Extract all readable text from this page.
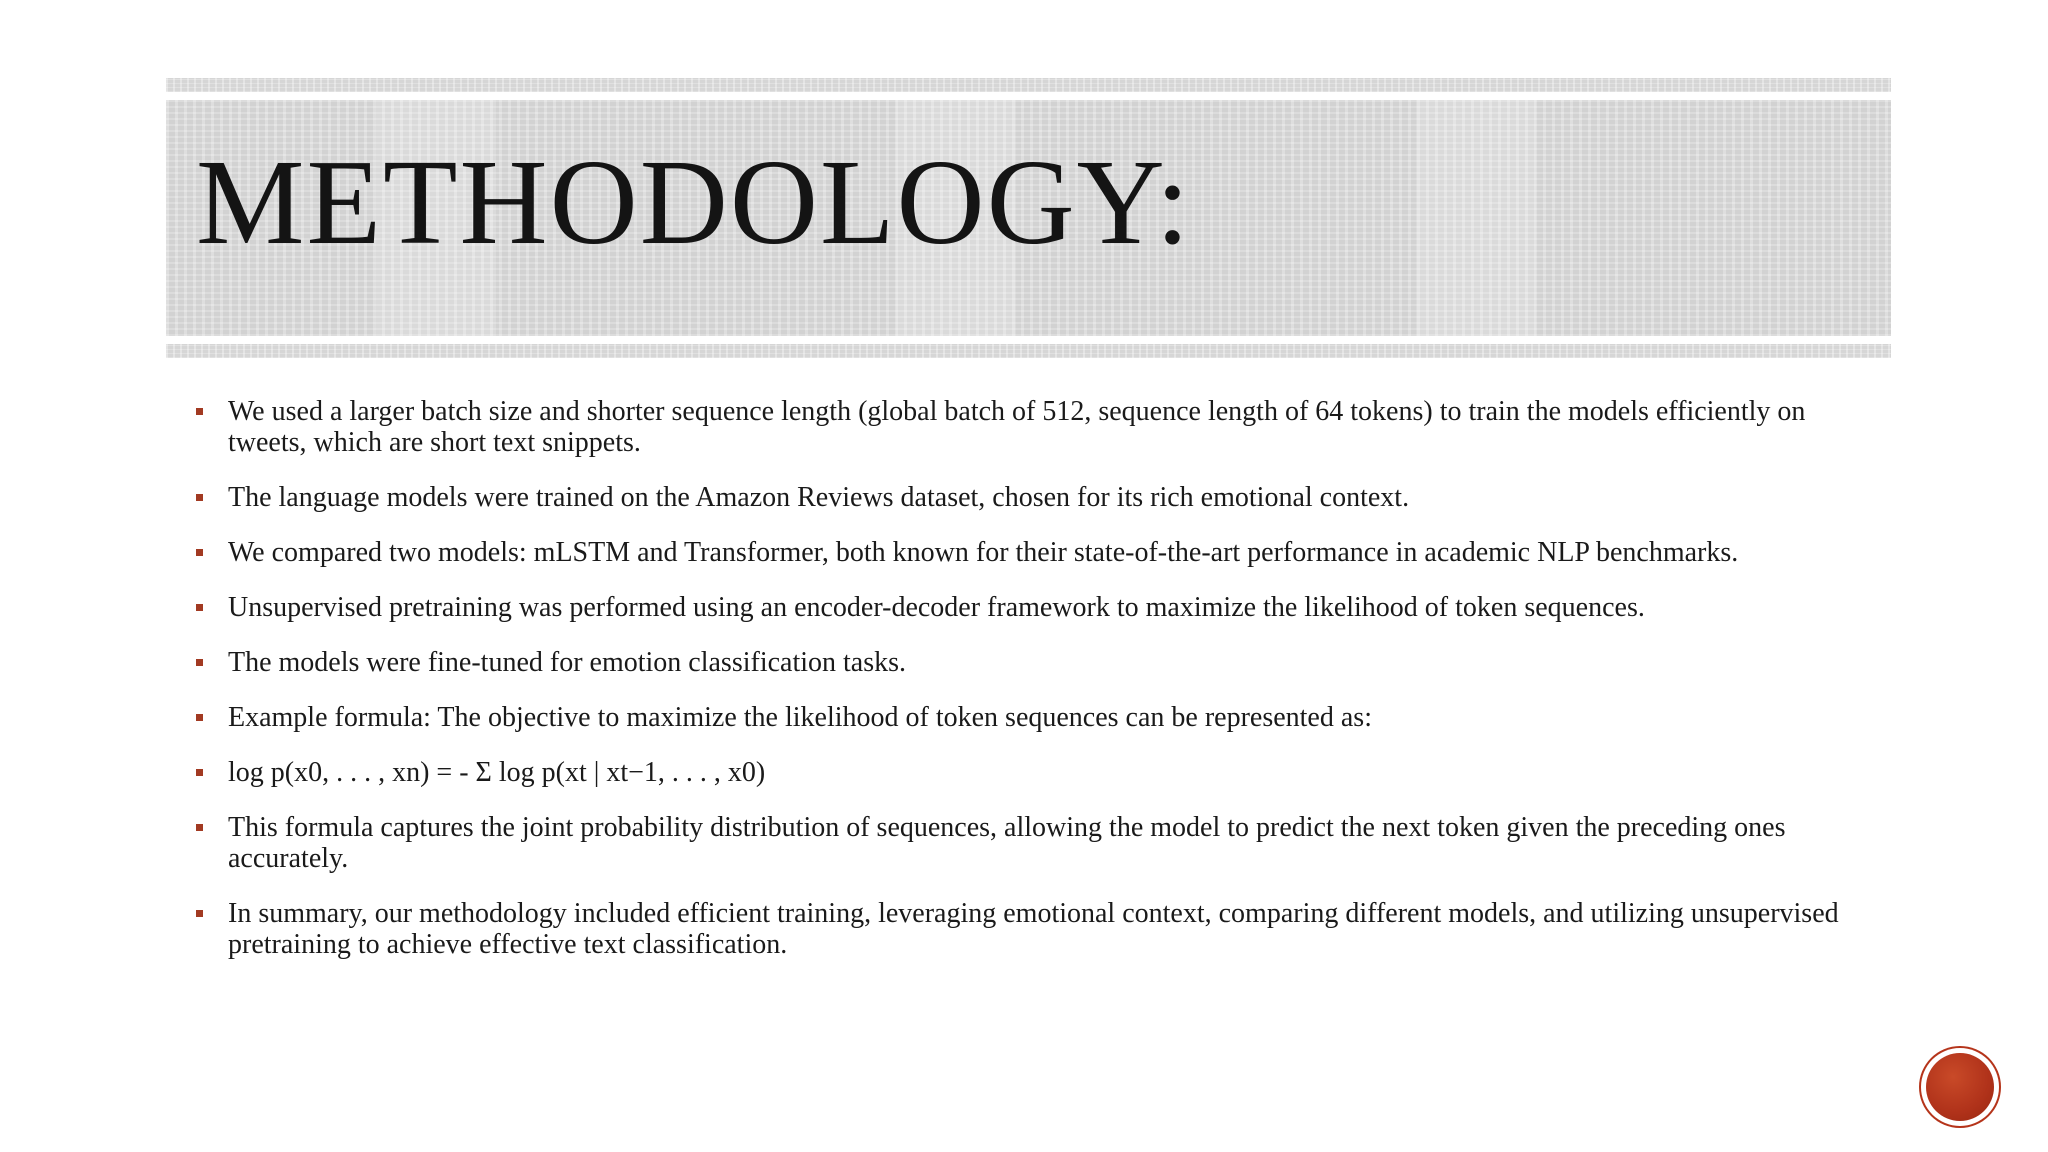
METHODOLOGY:
We used a larger batch size and shorter sequence length (global batch of 512, sequence length of 64 tokens) to train the models efficiently on tweets, which are short text snippets.
The language models were trained on the Amazon Reviews dataset, chosen for its rich emotional context.
We compared two models: mLSTM and Transformer, both known for their state-of-the-art performance in academic NLP benchmarks.
Unsupervised pretraining was performed using an encoder-decoder framework to maximize the likelihood of token sequences.
The models were fine-tuned for emotion classification tasks.
Example formula: The objective to maximize the likelihood of token sequences can be represented as:
log p(x0, . . . , xn) = - Σ log p(xt | xt−1, . . . , x0)
This formula captures the joint probability distribution of sequences, allowing the model to predict the next token given the preceding ones accurately.
In summary, our methodology included efficient training, leveraging emotional context, comparing different models, and utilizing unsupervised pretraining to achieve effective text classification.
